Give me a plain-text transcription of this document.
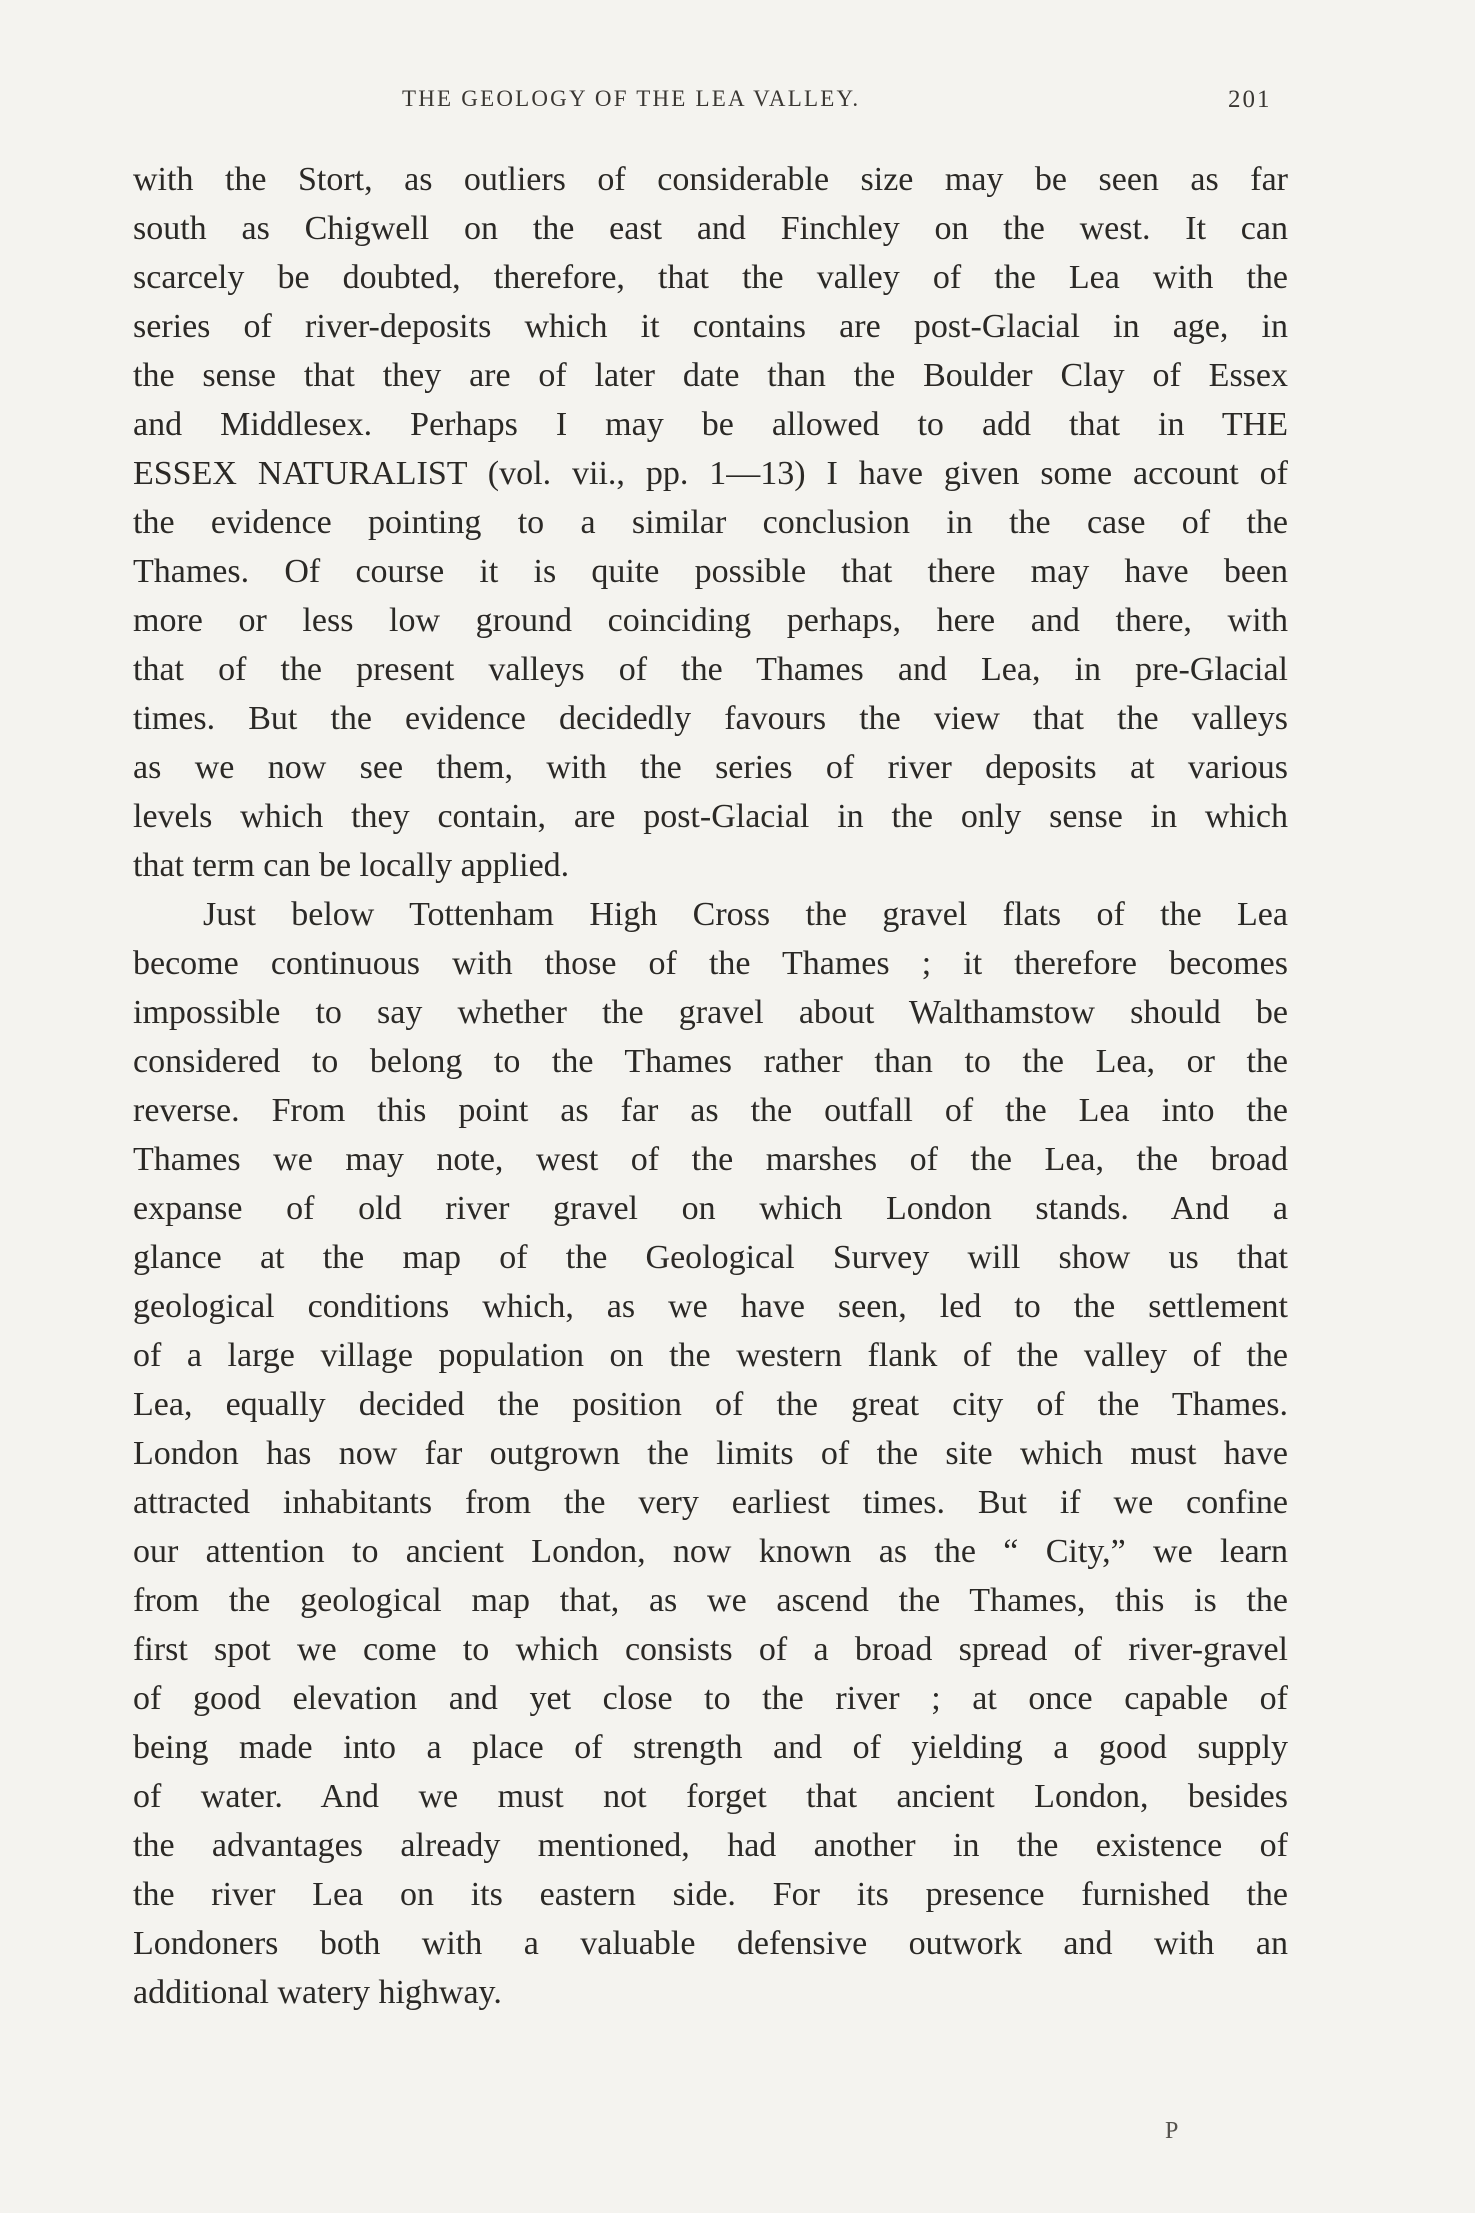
THE GEOLOGY OF THE LEA VALLEY.	201
with the Stort, as outliers of considerable size may be seen as far
south as Chigwell on the east and Finchley on the west. It can
scarcely be doubted, therefore, that the valley of the Lea with the
series of river-deposits which it contains are post-Glacial in age, in
the sense that they are of later date than the Boulder Clay of Essex
and Middlesex. Perhaps I may be allowed to add that in THE
ESSEX NATURALIST (vol. vii., pp. 1—13) I have given some account of
the evidence pointing to a similar conclusion in the case of the
Thames. Of course it is quite possible that there may have been
more or less low ground coinciding perhaps, here and there, with
that of the present valleys of the Thames and Lea, in pre-Glacial
times. But the evidence decidedly favours the view that the valleys
as we now see them, with the series of river deposits at various
levels which they contain, are post-Glacial in the only sense in which
that term can be locally applied.
Just below Tottenham High Cross the gravel flats of the Lea
become continuous with those of the Thames ; it therefore becomes
impossible to say whether the gravel about Walthamstow should be
considered to belong to the Thames rather than to the Lea, or the
reverse. From this point as far as the outfall of the Lea into the
Thames we may note, west of the marshes of the Lea, the broad
expanse of old river gravel on which London stands. And a
glance at the map of the Geological Survey will show us that
geological conditions which, as we have seen, led to the settlement
of a large village population on the western flank of the valley of the
Lea, equally decided the position of the great city of the Thames.
London has now far outgrown the limits of the site which must have
attracted inhabitants from the very earliest times. But if we confine
our attention to ancient London, now known as the “ City,” we learn
from the geological map that, as we ascend the Thames, this is the
first spot we come to which consists of a broad spread of river-gravel
of good elevation and yet close to the river ; at once capable of
being made into a place of strength and of yielding a good supply
of water. And we must not forget that ancient London, besides
the advantages already mentioned, had another in the existence of
the river Lea on its eastern side. For its presence furnished the
Londoners both with a valuable defensive outwork and with an
additional watery highway.
P
